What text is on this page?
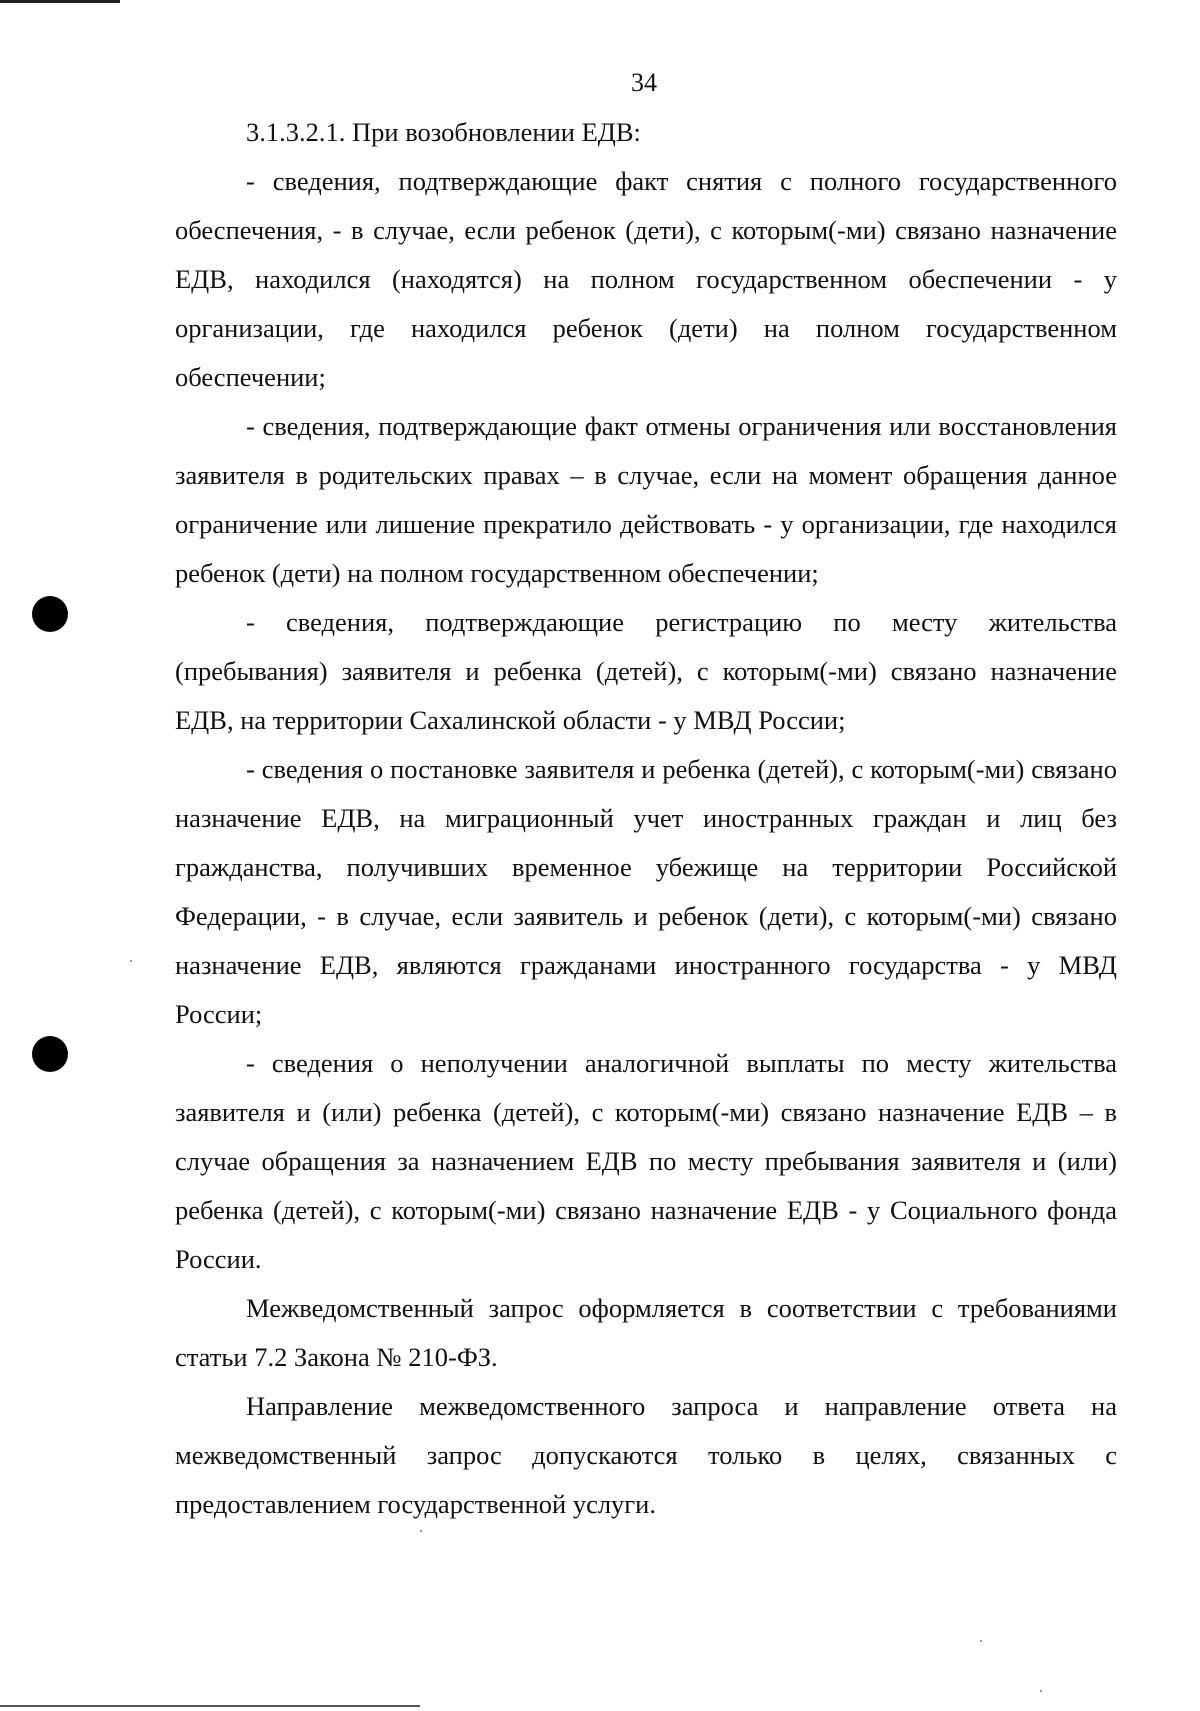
34

3.1.3.2.1. При возобновлении ЕДВ:

- сведения, подтверждающие факт снятия с полного государственного обеспечения, - в случае, если ребенок (дети), с которым(-ми) связано назначение ЕДВ, находился (находятся) на полном государственном обеспечении - у организации, где находился ребенок (дети) на полном государственном обеспечении;

- сведения, подтверждающие факт отмены ограничения или восстановления заявителя в родительских правах – в случае, если на момент обращения данное ограничение или лишение прекратило действовать - у организации, где находился ребенок (дети) на полном государственном обеспечении;

- сведения, подтверждающие регистрацию по месту жительства (пребывания) заявителя и ребенка (детей), с которым(-ми) связано назначение ЕДВ, на территории Сахалинской области - у МВД России;

- сведения о постановке заявителя и ребенка (детей), с которым(-ми) связано назначение ЕДВ, на миграционный учет иностранных граждан и лиц без гражданства, получивших временное убежище на территории Российской Федерации, - в случае, если заявитель и ребенок (дети), с которым(-ми) связано назначение ЕДВ, являются гражданами иностранного государства - у МВД России;

- сведения о неполучении аналогичной выплаты по месту жительства заявителя и (или) ребенка (детей), с которым(-ми) связано назначение ЕДВ – в случае обращения за назначением ЕДВ по месту пребывания заявителя и (или) ребенка (детей), с которым(-ми) связано назначение ЕДВ - у Социального фонда России.

Межведомственный запрос оформляется в соответствии с требованиями статьи 7.2 Закона № 210-ФЗ.

Направление межведомственного запроса и направление ответа на межведомственный запрос допускаются только в целях, связанных с предоставлением государственной услуги.
